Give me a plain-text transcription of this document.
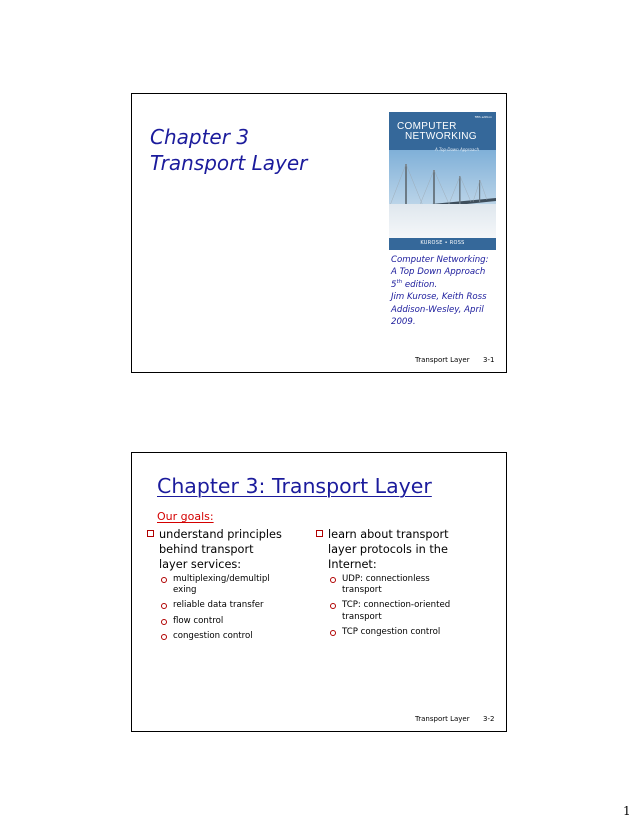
Chapter 3
Transport Layer
fifth edition
COMPUTER
NETWORKING
A Top-Down Approach
KUROSE • ROSS
Computer Networking:
A Top Down Approach
5th edition.
Jim Kurose, Keith Ross
Addison-Wesley, April
2009.
Transport Layer 3-1
Chapter 3: Transport Layer
Our goals:
understand principles
behind transport
layer services:
multiplexing/demultipl
exing
reliable data transfer
flow control
congestion control
learn about transport
layer protocols in the
Internet:
UDP: connectionless
transport
TCP: connection-oriented
transport
TCP congestion control
Transport Layer 3-2
1
